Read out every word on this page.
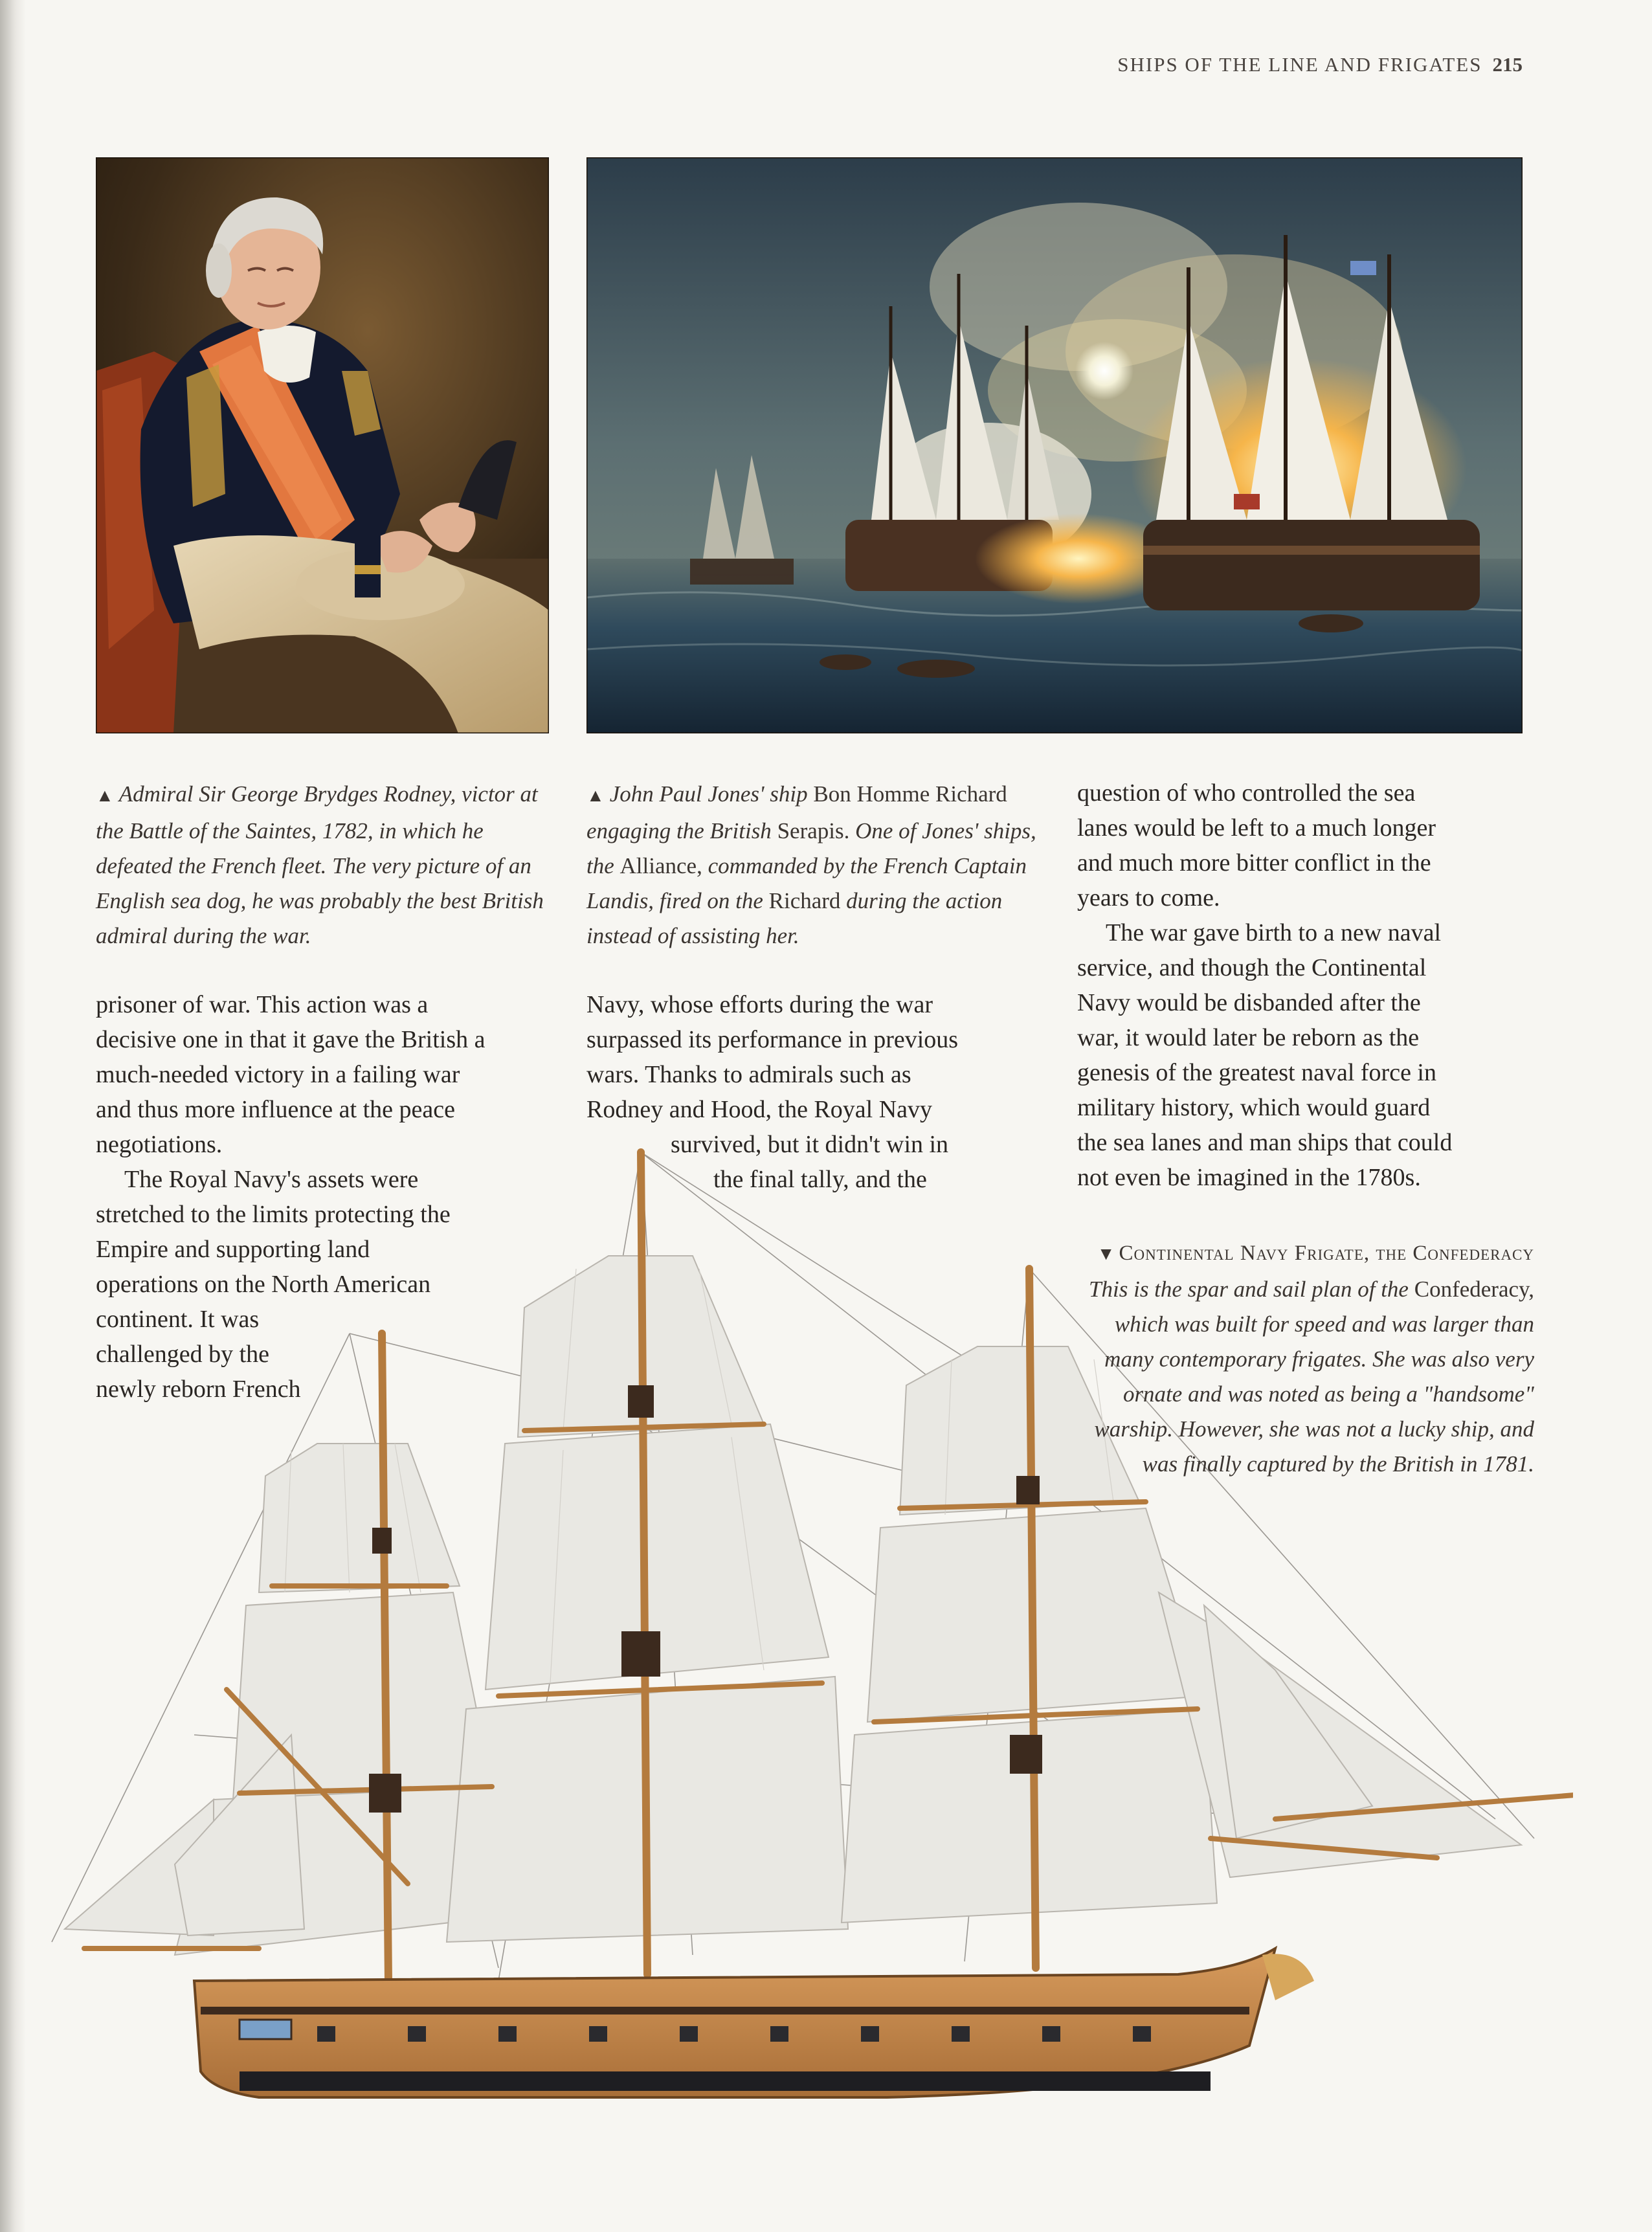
SHIPS OF THE LINE AND FRIGATES 215
▲ Admiral Sir George Brydges Rodney, victor at the Battle of the Saintes, 1782, in which he defeated the French fleet. The very picture of an English sea dog, he was probably the best British admiral during the war.
▲ John Paul Jones' ship Bon Homme Richard engaging the British Serapis. One of Jones' ships, the Alliance, commanded by the French Captain Landis, fired on the Richard during the action instead of assisting her.

prisoner of war. This action was a
decisive one in that it gave the British a
much-needed victory in a failing war
and thus more influence at the peace
negotiations.

The Royal Navy's assets were
stretched to the limits protecting the
Empire and supporting land
operations on the North American
continent. It was
challenged by the
newly reborn French

Navy, whose efforts during the war
surpassed its performance in previous
wars. Thanks to admirals such as
Rodney and Hood, the Royal Navy
survived, but it didn't win in
the final tally, and the

question of who controlled the sea
lanes would be left to a much longer
and much more bitter conflict in the
years to come.

The war gave birth to a new naval
service, and though the Continental
Navy would be disbanded after the
war, it would later be reborn as the
genesis of the greatest naval force in
military history, which would guard
the sea lanes and man ships that could
not even be imagined in the 1780s.

▼ Continental Navy Frigate, the Confederacy This is the spar and sail plan of the Confederacy, which was built for speed and was larger than many contemporary frigates. She was also very ornate and was noted as being a "handsome" warship. However, she was not a lucky ship, and was finally captured by the British in 1781.
